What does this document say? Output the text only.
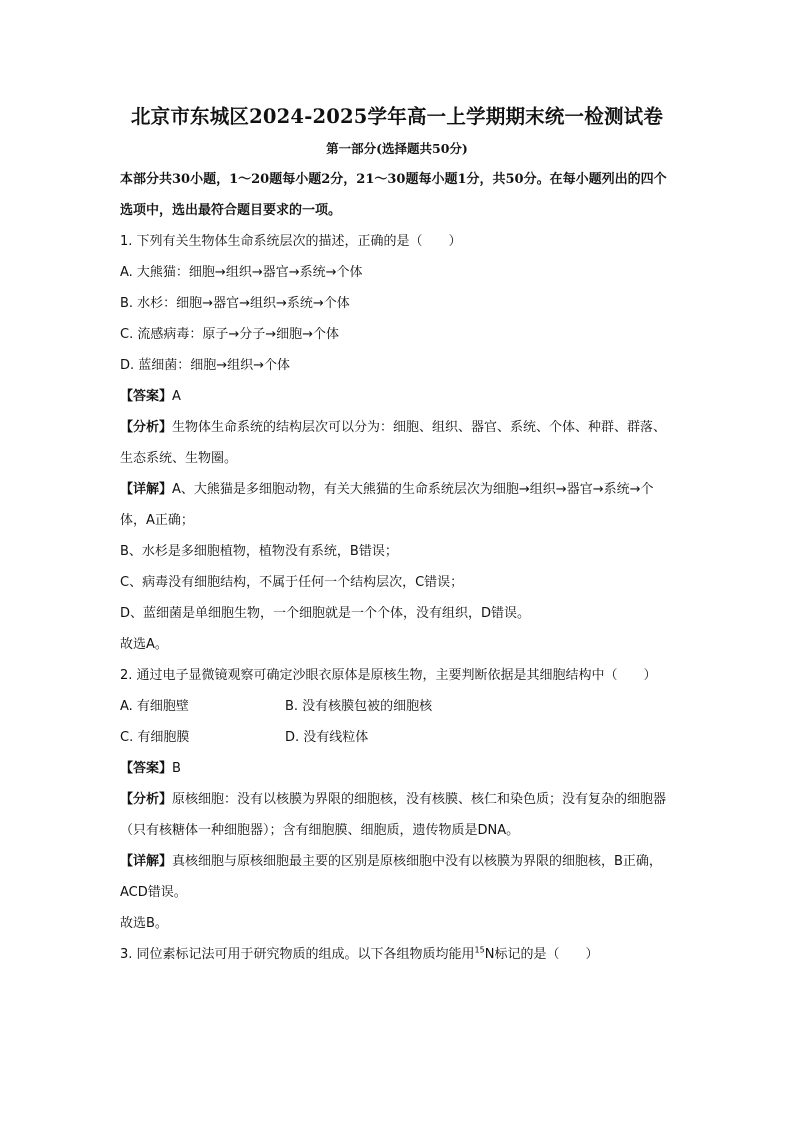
北京市东城区2024-2025学年高一上学期期末统一检测试卷

第一部分(选择题共50分)

本部分共30小题，1～20题每小题2分，21～30题每小题1分，共50分。在每小题列出的四个选项中，选出最符合题目要求的一项。

1. 下列有关生物体生命系统层次的描述，正确的是（　　）

A. 大熊猫：细胞→组织→器官→系统→个体

B. 水杉：细胞→器官→组织→系统→个体

C. 流感病毒：原子→分子→细胞→个体

D. 蓝细菌：细胞→组织→个体

【答案】A

【分析】生物体生命系统的结构层次可以分为：细胞、组织、器官、系统、个体、种群、群落、生态系统、生物圈。

【详解】A、大熊猫是多细胞动物，有关大熊猫的生命系统层次为细胞→组织→器官→系统→个体，A正确；

B、水杉是多细胞植物，植物没有系统，B错误；

C、病毒没有细胞结构，不属于任何一个结构层次，C错误；

D、蓝细菌是单细胞生物，一个细胞就是一个个体，没有组织，D错误。

故选A。

2. 通过电子显微镜观察可确定沙眼衣原体是原核生物，主要判断依据是其细胞结构中（　　）

A. 有细胞壁	B. 没有核膜包被的细胞核
C. 有细胞膜	D. 没有线粒体

【答案】B

【分析】原核细胞：没有以核膜为界限的细胞核，没有核膜、核仁和染色质；没有复杂的细胞器（只有核糖体一种细胞器）；含有细胞膜、细胞质，遗传物质是DNA。

【详解】真核细胞与原核细胞最主要的区别是原核细胞中没有以核膜为界限的细胞核，B正确，ACD错误。

故选B。

3. 同位素标记法可用于研究物质的组成。以下各组物质均能用$^{15}$N标记的是（　　）
